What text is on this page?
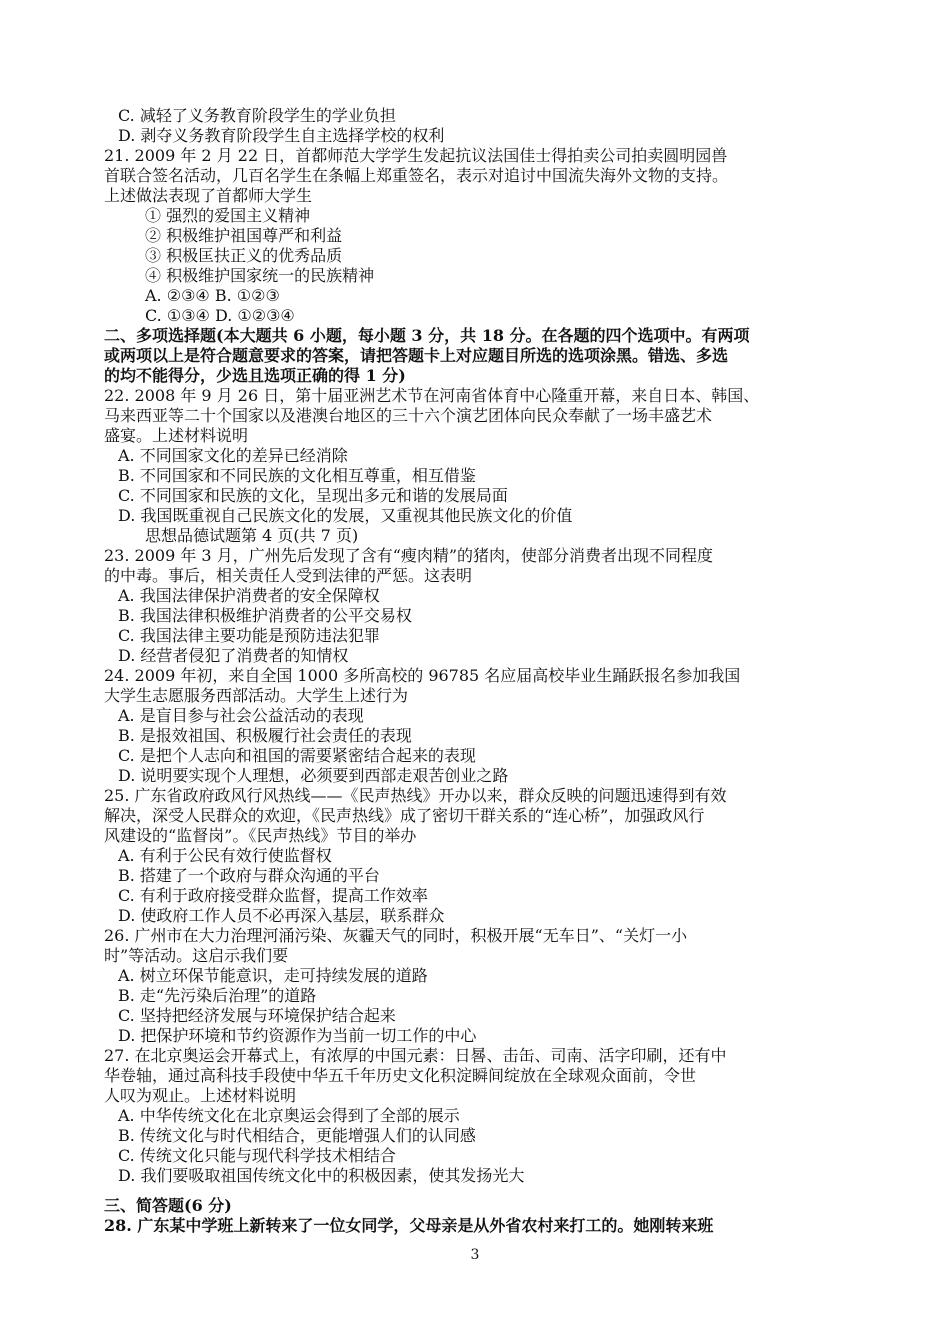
C. 减轻了义务教育阶段学生的学业负担
D. 剥夺义务教育阶段学生自主选择学校的权利
21. 2009 年 2 月 22 日，首都师范大学学生发起抗议法国佳士得拍卖公司拍卖圆明园兽
首联合签名活动，几百名学生在条幅上郑重签名，表示对追讨中国流失海外文物的支持。
上述做法表现了首都师大学生
① 强烈的爱国主义精神
② 积极维护祖国尊严和利益
③ 积极匡扶正义的优秀品质
④ 积极维护国家统一的民族精神
A. ②③④ B. ①②③
C. ①③④ D. ①②③④
二、多项选择题(本大题共 6 小题，每小题 3 分，共 18 分。在各题的四个选项中。有两项
或两项以上是符合题意要求的答案，请把答题卡上对应题目所选的选项涂黑。错选、多选
的均不能得分，少选且选项正确的得 1 分)
22. 2008 年 9 月 26 日，第十届亚洲艺术节在河南省体育中心隆重开幕，来自日本、韩国、
马来西亚等二十个国家以及港澳台地区的三十六个演艺团体向民众奉献了一场丰盛艺术
盛宴。上述材料说明
A. 不同国家文化的差异已经消除
B. 不同国家和不同民族的文化相互尊重，相互借鉴
C. 不同国家和民族的文化，呈现出多元和谐的发展局面
D. 我国既重视自己民族文化的发展，又重视其他民族文化的价值
思想品德试题第 4 页(共 7 页)
23. 2009 年 3 月，广州先后发现了含有“瘦肉精”的猪肉，使部分消费者出现不同程度
的中毒。事后，相关责任人受到法律的严惩。这表明
A. 我国法律保护消费者的安全保障权
B. 我国法律积极维护消费者的公平交易权
C. 我国法律主要功能是预防违法犯罪
D. 经营者侵犯了消费者的知情权
24. 2009 年初，来自全国 1000 多所高校的 96785 名应届高校毕业生踊跃报名参加我国
大学生志愿服务西部活动。大学生上述行为
A. 是盲目参与社会公益活动的表现
B. 是报效祖国、积极履行社会责任的表现
C. 是把个人志向和祖国的需要紧密结合起来的表现
D. 说明要实现个人理想，必须要到西部走艰苦创业之路
25. 广东省政府政风行风热线——《民声热线》开办以来，群众反映的问题迅速得到有效
解决，深受人民群众的欢迎，《民声热线》成了密切干群关系的“连心桥”，加强政风行
风建设的“监督岗”。《民声热线》节目的举办
A. 有利于公民有效行使监督权
B. 搭建了一个政府与群众沟通的平台
C. 有利于政府接受群众监督，提高工作效率
D. 使政府工作人员不必再深入基层，联系群众
26. 广州市在大力治理河涌污染、灰霾天气的同时，积极开展“无车日”、“关灯一小
时”等活动。这启示我们要
A. 树立环保节能意识，走可持续发展的道路
B. 走“先污染后治理”的道路
C. 坚持把经济发展与环境保护结合起来
D. 把保护环境和节约资源作为当前一切工作的中心
27. 在北京奥运会开幕式上，有浓厚的中国元素：日晷、击缶、司南、活字印刷，还有中
华卷轴，通过高科技手段使中华五千年历史文化积淀瞬间绽放在全球观众面前，令世
人叹为观止。上述材料说明
A. 中华传统文化在北京奥运会得到了全部的展示
B. 传统文化与时代相结合，更能增强人们的认同感
C. 传统文化只能与现代科学技术相结合
D. 我们要吸取祖国传统文化中的积极因素，使其发扬光大
三、简答题(6 分)
28. 广东某中学班上新转来了一位女同学，父母亲是从外省农村来打工的。她刚转来班
3
